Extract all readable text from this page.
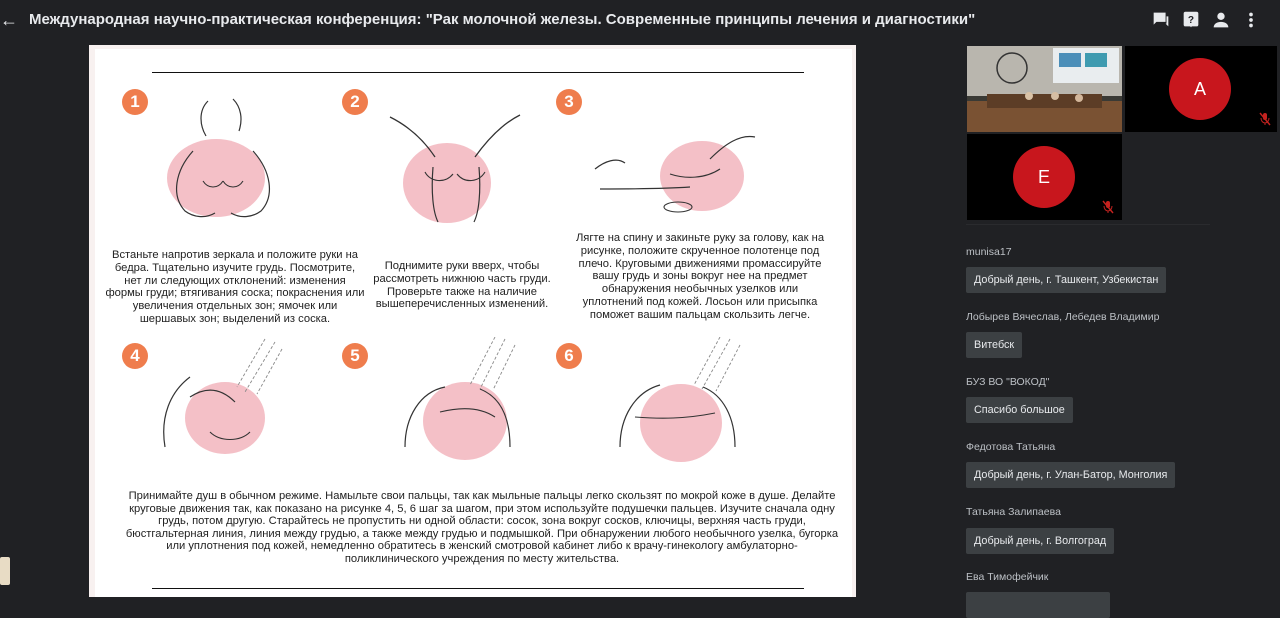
← Международная научно-практическая конференция: "Рак молочной железы. Современные принципы лечения и диагностики"	?
1
Встаньте напротив зеркала и положите руки на бедра. Тщательно изучите грудь. Посмотрите, нет ли следующих отклонений: изменения формы груди; втягивания соска; покраснения или увеличения отдельных зон; ямочек или шершавых зон; выделений из соска.
2
Поднимите руки вверх, чтобы рассмотреть нижнюю часть груди. Проверьте также на наличие вышеперечисленных изменений.
3
Лягте на спину и закиньте руку за голову, как на рисунке, положите скрученное полотенце под плечо. Круговыми движениями промассируйте вашу грудь и зоны вокруг нее на предмет обнаружения необычных узелков или уплотнений под кожей. Лосьон или присыпка поможет вашим пальцам скользить легче.
4	5	6
Принимайте душ в обычном режиме. Намыльте свои пальцы, так как мыльные пальцы легко скользят по мокрой коже в душе. Делайте круговые движения так, как показано на рисунке 4, 5, 6 шаг за шагом, при этом используйте подушечки пальцев. Изучите сначала одну грудь, потом другую. Старайтесь не пропустить ни одной области: сосок, зона вокруг сосков, ключицы, верхняя часть груди, бюстгальтерная линия, линия между грудью, а также между грудью и подмышкой. При обнаружении любого необычного узелка, бугорка или уплотнения под кожей, немедленно обратитесь в женский смотровой кабинет либо к врачу-гинекологу амбулаторно-поликлинического учреждения по месту жительства.
A
E
munisa17
Добрый день, г. Ташкент, Узбекистан
Лобырев Вячеслав, Лебедев Владимир
Витебск
БУЗ ВО "ВОКОД"
Спасибо большое
Федотова Татьяна
Добрый день, г. Улан-Батор, Монголия
Татьяна Залипаева
Добрый день, г. Волгоград
Ева Тимофейчик
